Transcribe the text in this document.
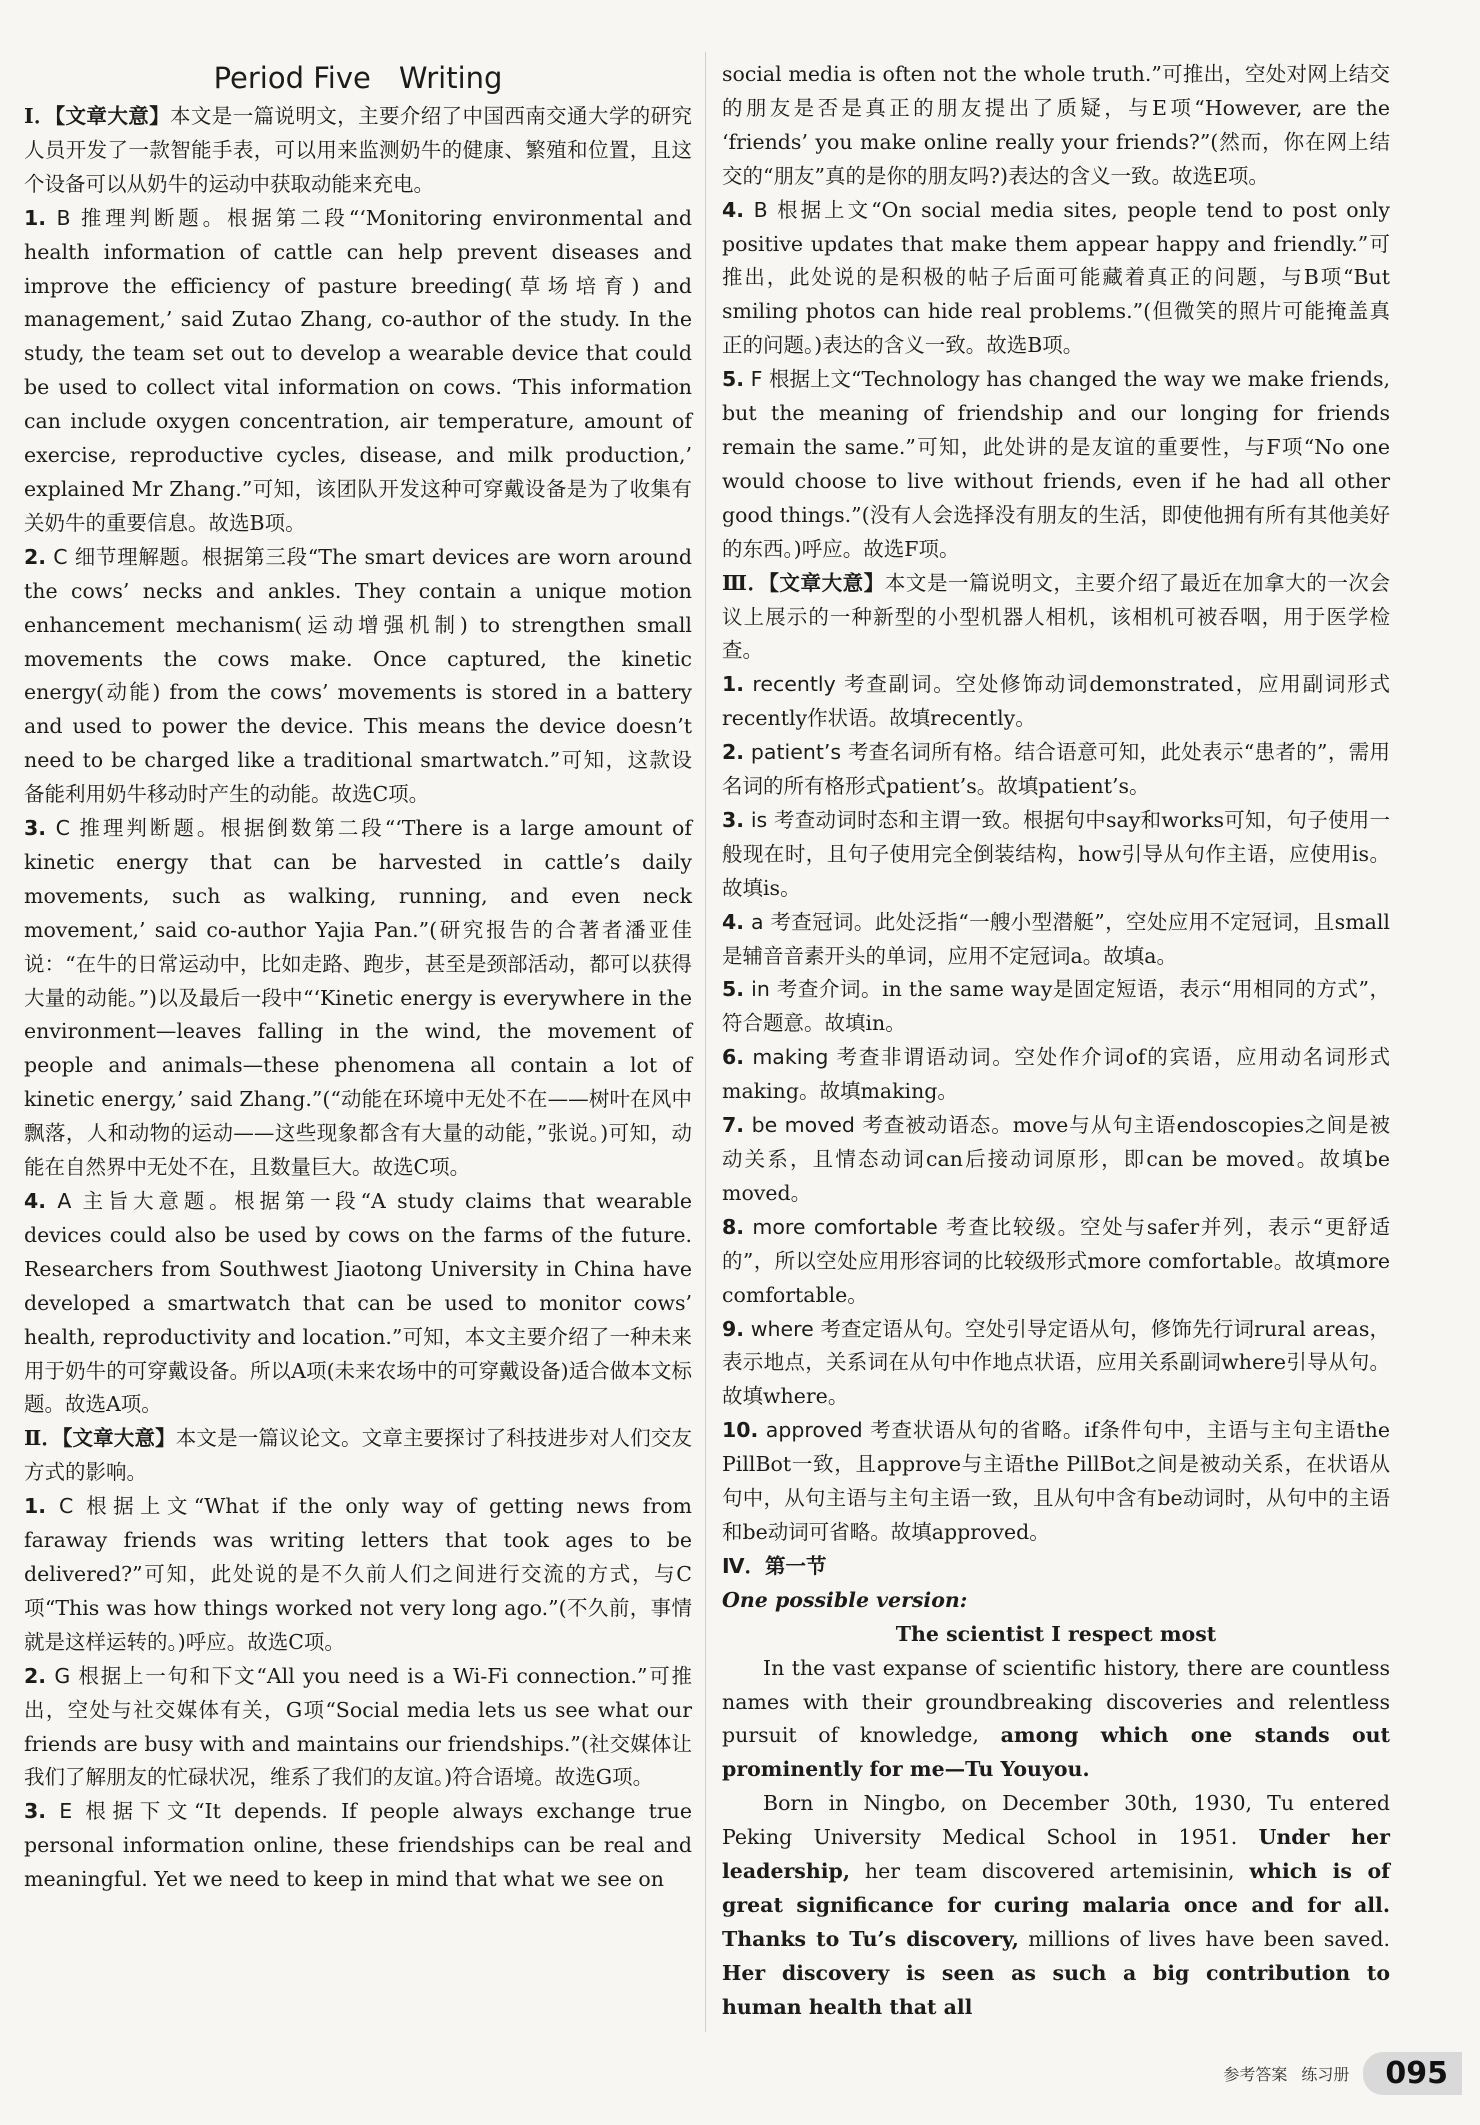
Period Five Writing

Ⅰ．【文章大意】本文是一篇说明文，主要介绍了中国西南交通大学的研究人员开发了一款智能手表，可以用来监测奶牛的健康、繁殖和位置，且这个设备可以从奶牛的运动中获取动能来充电。

1. B 推理判断题。根据第二段“‘Monitoring environmental and health information of cattle can help prevent diseases and improve the efficiency of pasture breeding(草场培育) and management,’ said Zutao Zhang, co-author of the study. In the study, the team set out to develop a wearable device that could be used to collect vital information on cows. ‘This information can include oxygen concentration, air temperature, amount of exercise, reproductive cycles, disease, and milk production,’ explained Mr Zhang.”可知，该团队开发这种可穿戴设备是为了收集有关奶牛的重要信息。故选B项。

2. C 细节理解题。根据第三段“The smart devices are worn around the cows’ necks and ankles. They contain a unique motion enhancement mechanism(运动增强机制) to strengthen small movements the cows make. Once captured, the kinetic energy(动能) from the cows’ movements is stored in a battery and used to power the device. This means the device doesn’t need to be charged like a traditional smartwatch.”可知，这款设备能利用奶牛移动时产生的动能。故选C项。

3. C 推理判断题。根据倒数第二段“‘There is a large amount of kinetic energy that can be harvested in cattle’s daily movements, such as walking, running, and even neck movement,’ said co-author Yajia Pan.”(研究报告的合著者潘亚佳说：“在牛的日常运动中，比如走路、跑步，甚至是颈部活动，都可以获得大量的动能。”)以及最后一段中“‘Kinetic energy is everywhere in the environment—leaves falling in the wind, the movement of people and animals—these phenomena all contain a lot of kinetic energy,’ said Zhang.”(“动能在环境中无处不在——树叶在风中飘落，人和动物的运动——这些现象都含有大量的动能，”张说。)可知，动能在自然界中无处不在，且数量巨大。故选C项。

4. A 主旨大意题。根据第一段“A study claims that wearable devices could also be used by cows on the farms of the future. Researchers from Southwest Jiaotong University in China have developed a smartwatch that can be used to monitor cows’ health, reproductivity and location.”可知，本文主要介绍了一种未来用于奶牛的可穿戴设备。所以A项(未来农场中的可穿戴设备)适合做本文标题。故选A项。

Ⅱ．【文章大意】本文是一篇议论文。文章主要探讨了科技进步对人们交友方式的影响。

1. C 根据上文“What if the only way of getting news from faraway friends was writing letters that took ages to be delivered?”可知，此处说的是不久前人们之间进行交流的方式，与C项“This was how things worked not very long ago.”(不久前，事情就是这样运转的。)呼应。故选C项。

2. G 根据上一句和下文“All you need is a Wi-Fi connection.”可推出，空处与社交媒体有关，G项“Social media lets us see what our friends are busy with and maintains our friendships.”(社交媒体让我们了解朋友的忙碌状况，维系了我们的友谊。)符合语境。故选G项。

3. E 根据下文“It depends. If people always exchange true personal information online, these friendships can be real and meaningful. Yet we need to keep in mind that what we see on

social media is often not the whole truth.”可推出，空处对网上结交的朋友是否是真正的朋友提出了质疑，与E项“However, are the ‘friends’ you make online really your friends?”(然而，你在网上结交的“朋友”真的是你的朋友吗?)表达的含义一致。故选E项。

4. B 根据上文“On social media sites, people tend to post only positive updates that make them appear happy and friendly.”可推出，此处说的是积极的帖子后面可能藏着真正的问题，与B项“But smiling photos can hide real problems.”(但微笑的照片可能掩盖真正的问题。)表达的含义一致。故选B项。

5. F 根据上文“Technology has changed the way we make friends, but the meaning of friendship and our longing for friends remain the same.”可知，此处讲的是友谊的重要性，与F项“No one would choose to live without friends, even if he had all other good things.”(没有人会选择没有朋友的生活，即使他拥有所有其他美好的东西。)呼应。故选F项。

Ⅲ．【文章大意】本文是一篇说明文，主要介绍了最近在加拿大的一次会议上展示的一种新型的小型机器人相机，该相机可被吞咽，用于医学检查。

1. recently 考查副词。空处修饰动词demonstrated，应用副词形式recently作状语。故填recently。

2. patient’s 考查名词所有格。结合语意可知，此处表示“患者的”，需用名词的所有格形式patient’s。故填patient’s。

3. is 考查动词时态和主谓一致。根据句中say和works可知，句子使用一般现在时，且句子使用完全倒装结构，how引导从句作主语，应使用is。故填is。

4. a 考查冠词。此处泛指“一艘小型潜艇”，空处应用不定冠词，且small是辅音音素开头的单词，应用不定冠词a。故填a。

5. in 考查介词。in the same way是固定短语，表示“用相同的方式”，符合题意。故填in。

6. making 考查非谓语动词。空处作介词of的宾语，应用动名词形式making。故填making。

7. be moved 考查被动语态。move与从句主语endoscopies之间是被动关系，且情态动词can后接动词原形，即can be moved。故填be moved。

8. more comfortable 考查比较级。空处与safer并列，表示“更舒适的”，所以空处应用形容词的比较级形式more comfortable。故填more comfortable。

9. where 考查定语从句。空处引导定语从句，修饰先行词rural areas，表示地点，关系词在从句中作地点状语，应用关系副词where引导从句。故填where。

10. approved 考查状语从句的省略。if条件句中，主语与主句主语the PillBot一致，且approve与主语the PillBot之间是被动关系，在状语从句中，从句主语与主句主语一致，且从句中含有be动词时，从句中的主语和be动词可省略。故填approved。

Ⅳ．第一节

One possible version:

The scientist I respect most

In the vast expanse of scientific history, there are countless names with their groundbreaking discoveries and relentless pursuit of knowledge, among which one stands out prominently for me—Tu Youyou.

Born in Ningbo, on December 30th, 1930, Tu entered Peking University Medical School in 1951. Under her leadership, her team discovered artemisinin, which is of great significance for curing malaria once and for all. Thanks to Tu’s discovery, millions of lives have been saved. Her discovery is seen as such a big contribution to human health that all

参考答案 练习册	095
